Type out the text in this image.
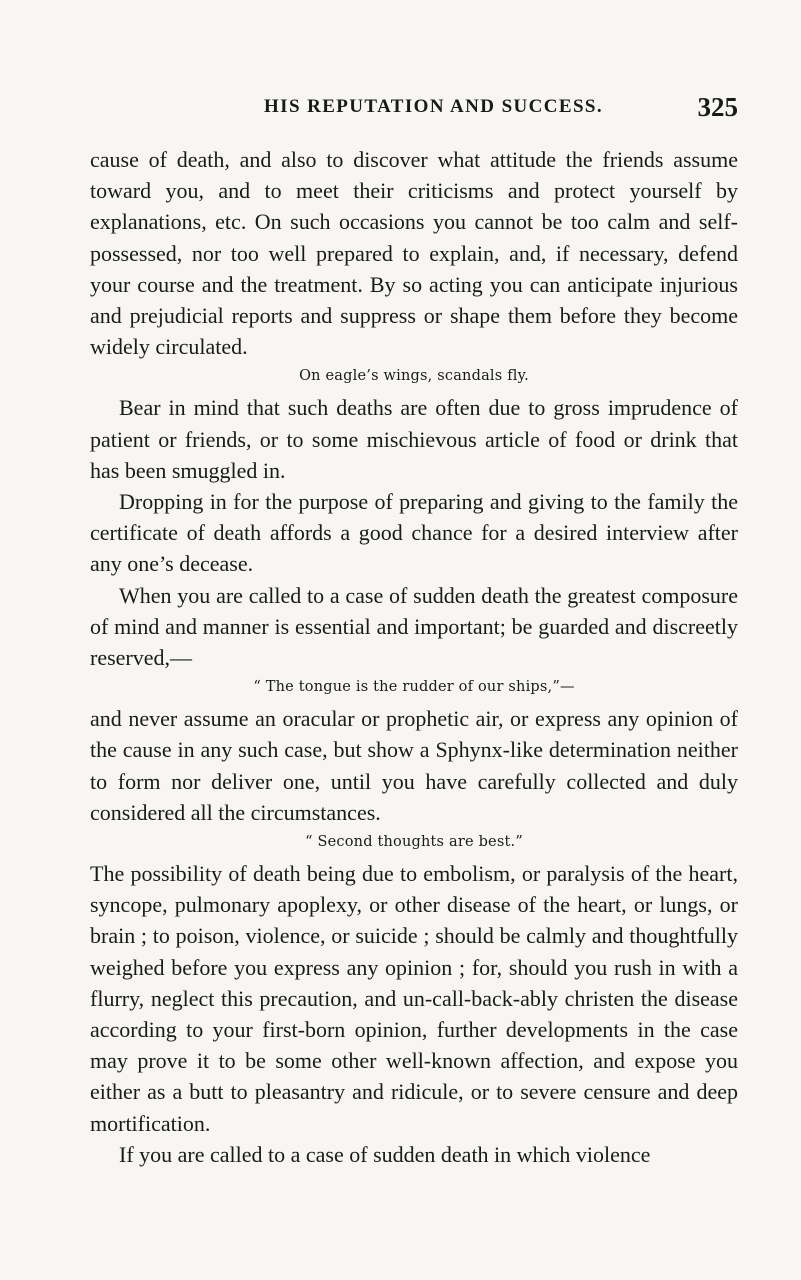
HIS REPUTATION AND SUCCESS.	325

cause of death, and also to discover what attitude the friends assume toward you, and to meet their criticisms and protect yourself by explanations, etc. On such occasions you cannot be too calm and self-possessed, nor too well prepared to explain, and, if necessary, defend your course and the treatment. By so acting you can anticipate injurious and prejudicial reports and suppress or shape them before they become widely circulated.

On eagle’s wings, scandals fly.

Bear in mind that such deaths are often due to gross imprudence of patient or friends, or to some mischievous article of food or drink that has been smuggled in.

Dropping in for the purpose of preparing and giving to the family the certificate of death affords a good chance for a desired interview after any one’s decease.

When you are called to a case of sudden death the greatest composure of mind and manner is essential and important; be guarded and discreetly reserved,—

“ The tongue is the rudder of our ships,”—

and never assume an oracular or prophetic air, or express any opinion of the cause in any such case, but show a Sphynx-like determination neither to form nor deliver one, until you have carefully collected and duly considered all the circumstances.

“ Second thoughts are best.”

The possibility of death being due to embolism, or paralysis of the heart, syncope, pulmonary apoplexy, or other disease of the heart, or lungs, or brain ; to poison, violence, or suicide ; should be calmly and thoughtfully weighed before you express any opinion ; for, should you rush in with a flurry, neglect this precaution, and un-call-back-ably christen the disease according to your first-born opinion, further developments in the case may prove it to be some other well-known affection, and expose you either as a butt to pleasantry and ridicule, or to severe censure and deep mortification.

If you are called to a case of sudden death in which violence
